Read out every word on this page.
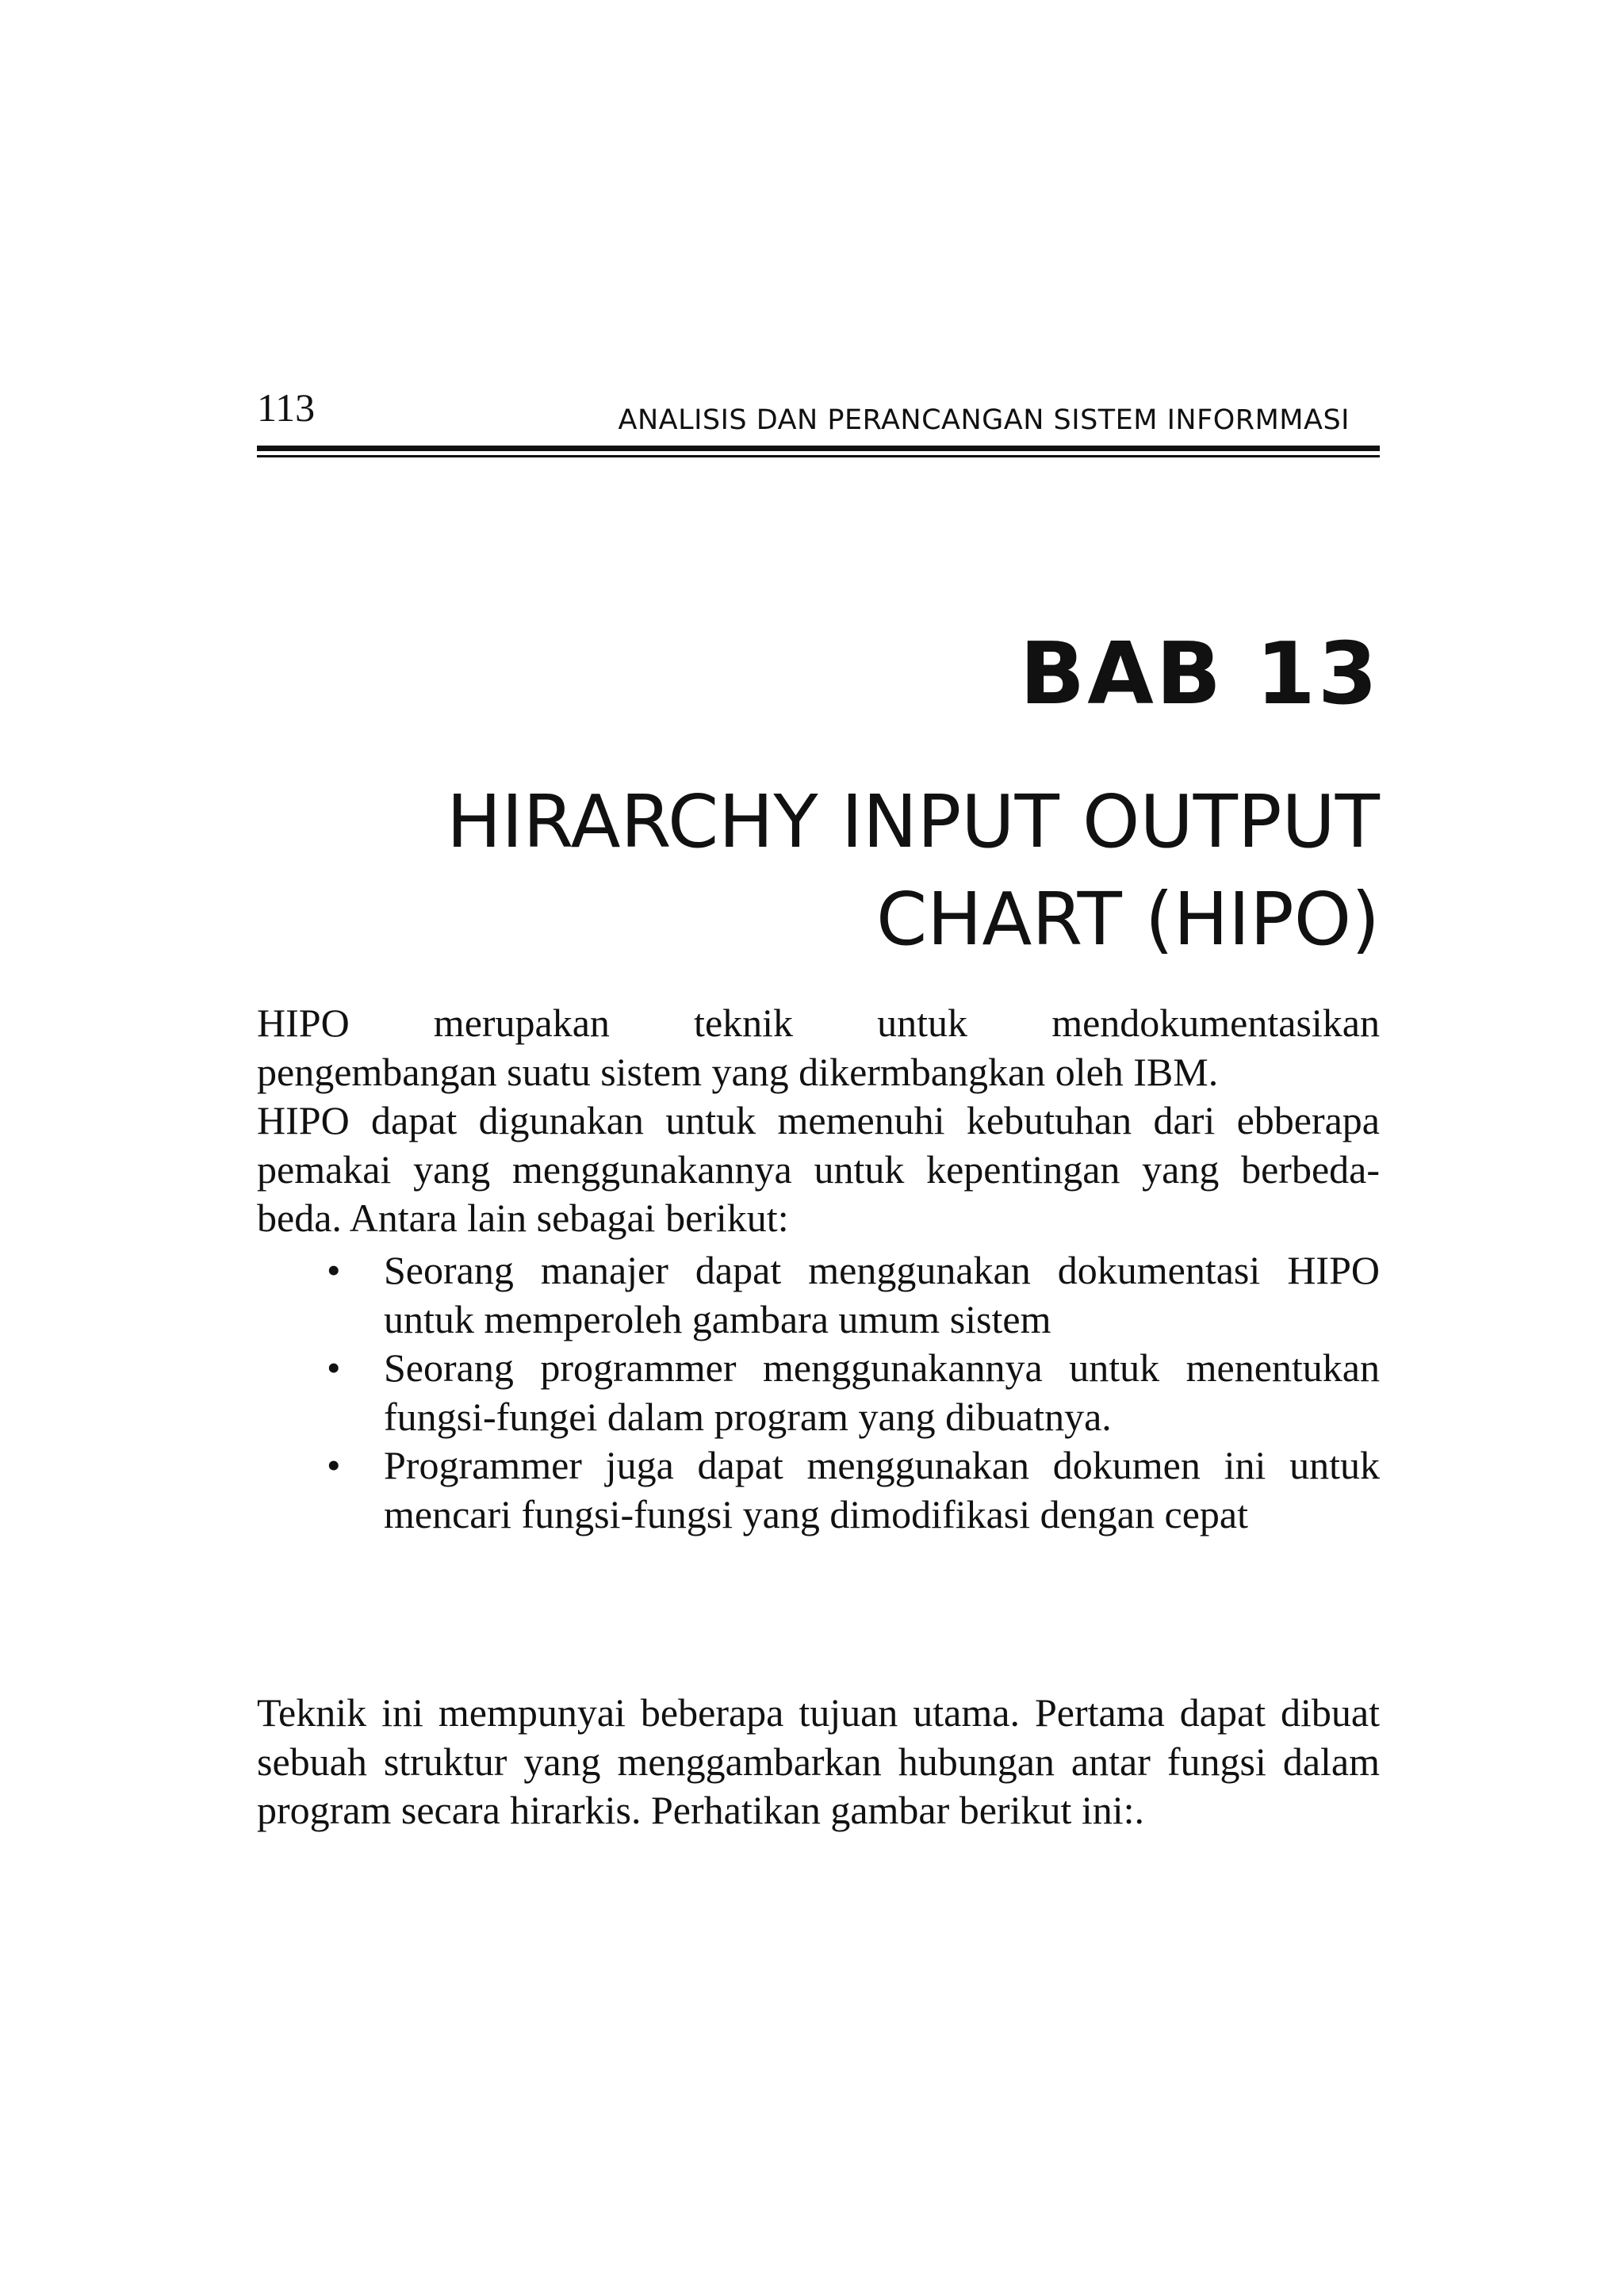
113	ANALISIS DAN PERANCANGAN SISTEM INFORMMASI
BAB 13
HIRARCHY INPUT OUTPUT
CHART (HIPO)
HIPO merupakan teknik untuk mendokumentasikan
pengembangan suatu sistem yang dikermbangkan oleh IBM.
HIPO dapat digunakan untuk memenuhi kebutuhan dari ebberapa pemakai yang menggunakannya untuk kepentingan yang berbeda-beda. Antara lain sebagai berikut:
•	Seorang manajer dapat menggunakan dokumentasi HIPO untuk memperoleh gambara umum sistem
•	Seorang programmer menggunakannya untuk menentukan fungsi-fungei dalam program yang dibuatnya.
•	Programmer juga dapat menggunakan dokumen ini untuk mencari fungsi-fungsi yang dimodifikasi dengan cepat

Teknik ini mempunyai beberapa tujuan utama. Pertama dapat dibuat sebuah struktur yang menggambarkan hubungan antar fungsi dalam program secara hirarkis. Perhatikan gambar berikut ini:.
